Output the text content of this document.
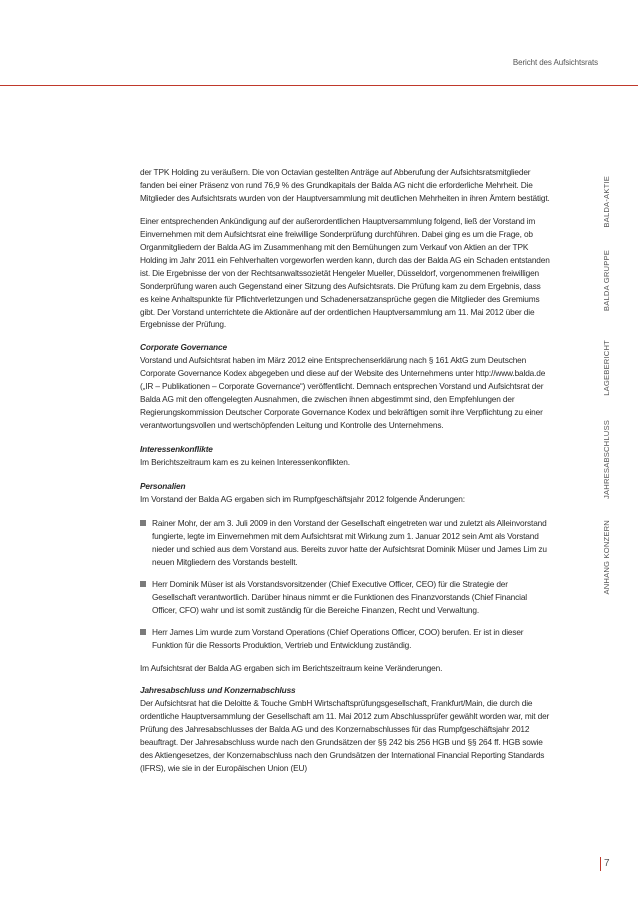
Bericht des Aufsichtsrats
BALDA-AKTIE
BALDA GRUPPE
LAGEBERICHT
JAHRESABSCHLUSS
ANHANG KONZERN

der TPK Holding zu veräußern. Die von Octavian gestellten Anträge auf Abberufung der Aufsichtsratsmitglieder fanden bei einer Präsenz von rund 76,9 % des Grundkapitals der Balda AG nicht die erforderliche Mehrheit. Die Mitglieder des Aufsichtsrats wurden von der Hauptversammlung mit deutlichen Mehrheiten in ihren Ämtern bestätigt.

Einer entsprechenden Ankündigung auf der außerordentlichen Hauptversammlung folgend, ließ der Vorstand im Einvernehmen mit dem Aufsichtsrat eine freiwillige Sonderprüfung durchführen. Dabei ging es um die Frage, ob Organmitgliedern der Balda AG im Zusammenhang mit den Bemühungen zum Verkauf von Aktien an der TPK Holding im Jahr 2011 ein Fehlverhalten vorgeworfen werden kann, durch das der Balda AG ein Schaden entstanden ist. Die Ergebnisse der von der Rechtsanwaltssozietät Hengeler Mueller, Düsseldorf, vorgenommenen freiwilligen Sonderprüfung waren auch Gegenstand einer Sitzung des Aufsichtsrats. Die Prüfung kam zu dem Ergebnis, dass es keine Anhaltspunkte für Pflichtverletzungen und Schadenersatzansprüche gegen die Mitglieder des Gremiums gibt. Der Vorstand unterrichtete die Aktionäre auf der ordentlichen Hauptversammlung am 11. Mai 2012 über die Ergebnisse der Prüfung.

Corporate Governance
Vorstand und Aufsichtsrat haben im März 2012 eine Entsprechenserklärung nach § 161 AktG zum Deutschen Corporate Governance Kodex abgegeben und diese auf der Website des Unternehmens unter http://www.balda.de („IR – Publikationen – Corporate Governance“) veröffentlicht. Demnach entsprechen Vorstand und Aufsichtsrat der Balda AG mit den offengelegten Ausnahmen, die zwischen ihnen abgestimmt sind, den Empfehlungen der Regierungskommission Deutscher Corporate Governance Kodex und bekräftigen somit ihre Verpflichtung zu einer verantwortungsvollen und wertschöpfenden Leitung und Kontrolle des Unternehmens.
Interessenkonflikte
Im Berichtszeitraum kam es zu keinen Interessenkonflikten.
Personalien
Im Vorstand der Balda AG ergaben sich im Rumpfgeschäftsjahr 2012 folgende Änderungen:
Rainer Mohr, der am 3. Juli 2009 in den Vorstand der Gesellschaft eingetreten war und zuletzt als Alleinvorstand fungierte, legte im Einvernehmen mit dem Aufsichtsrat mit Wirkung zum 1. Januar 2012 sein Amt als Vorstand nieder und schied aus dem Vorstand aus. Bereits zuvor hatte der Aufsichtsrat Dominik Müser und James Lim zu neuen Mitgliedern des Vorstands bestellt.
Herr Dominik Müser ist als Vorstandsvorsitzender (Chief Executive Officer, CEO) für die Strategie der Gesellschaft verantwortlich. Darüber hinaus nimmt er die Funktionen des Finanzvorstands (Chief Financial Officer, CFO) wahr und ist somit zuständig für die Bereiche Finanzen, Recht und Verwaltung.
Herr James Lim wurde zum Vorstand Operations (Chief Operations Officer, COO) berufen. Er ist in dieser Funktion für die Ressorts Produktion, Vertrieb und Entwicklung zuständig.

Im Aufsichtsrat der Balda AG ergaben sich im Berichtszeitraum keine Veränderungen.

Jahresabschluss und Konzernabschluss
Der Aufsichtsrat hat die Deloitte & Touche GmbH Wirtschaftsprüfungsgesellschaft, Frankfurt/Main, die durch die ordentliche Hauptversammlung der Gesellschaft am 11. Mai 2012 zum Abschlussprüfer gewählt worden war, mit der Prüfung des Jahresabschlusses der Balda AG und des Konzernabschlusses für das Rumpfgeschäftsjahr 2012 beauftragt. Der Jahresabschluss wurde nach den Grundsätzen der §§ 242 bis 256 HGB und §§ 264 ff. HGB sowie des Aktiengesetzes, der Konzernabschluss nach den Grundsätzen der International Financial Reporting Standards (IFRS), wie sie in der Europäischen Union (EU)
7
